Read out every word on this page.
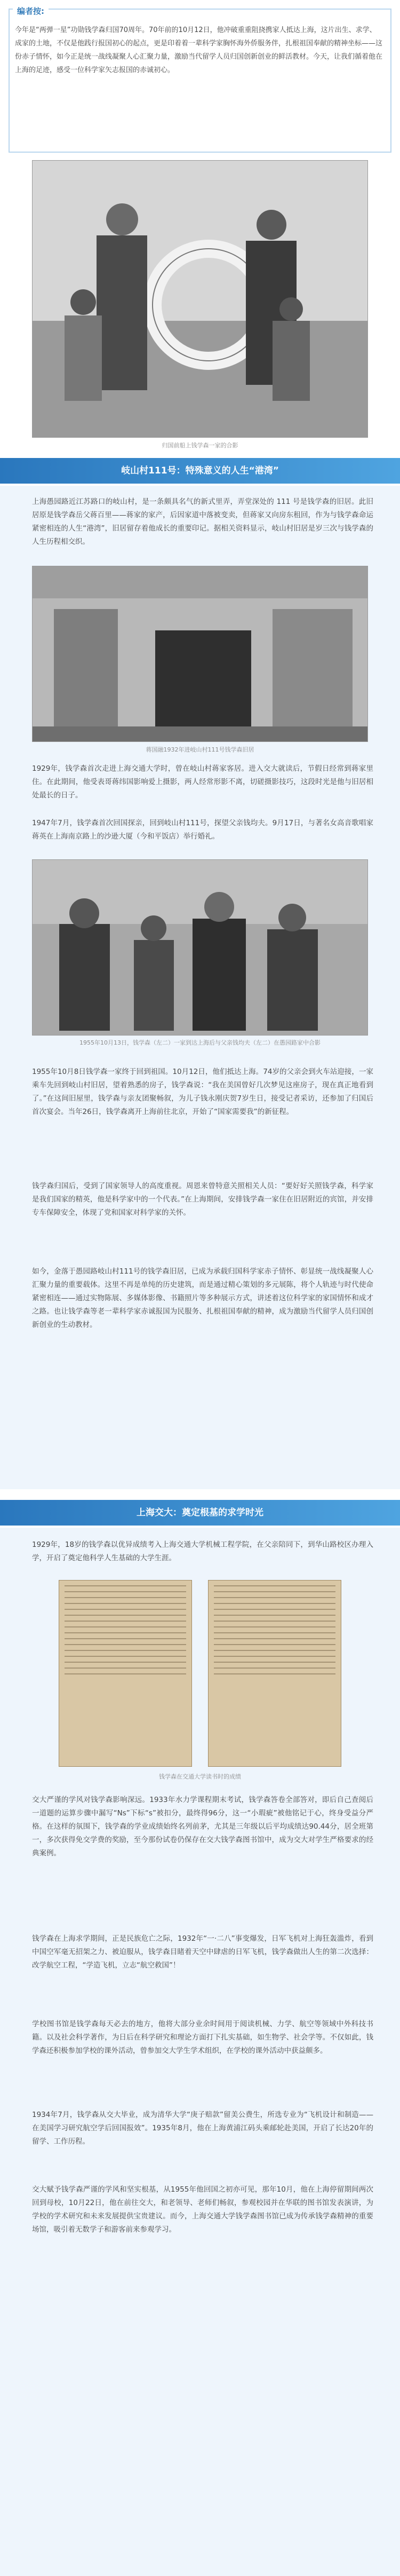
编者按:
今年是“两弹一星”功勋钱学森归国70周年。70年前的10月12日，他冲破重重阻挠携家人抵达上海，这片出生、求学、成家的土地，不仅是他践行报国初心的起点，更是印着着一辈科学家胸怀海外侨服务伴，扎根祖国奉献的精神坐标——这份赤子情怀，如今正是统一战线凝聚人心汇聚力量，激励当代留学人员归国创新创业的鲜活教材。今天，让我们循着他在上海的足迹，感受一位科学家矢志报国的赤诚初心。
归国前船上钱学森一家的合影
岐山村111号：特殊意义的人生“港湾”
上海愚园路近江苏路口的岐山村，是一条颇具名气的新式里弄，弄堂深处的 111 号是钱学森的旧居。此旧居原是钱学森岳父蒋百里——蒋家的家产，后因家道中落被变卖，但蒋家又向房东租回，作为与钱学森命运紧密相连的人生“港湾”，旧居留存着他成长的重要印记。据相关资料显示，岐山村旧居是岁三次与钱学森的人生历程相交织。
蒋国融1932年进岐山村111号钱学森旧居
1929年，钱学森首次走进上海交通大学时，曾在岐山村蒋家客居。进入交大就读后，节假日经常到蒋家里住。在此期间，他受表哥蒋纬国影响爱上摄影，两人经常形影不离，切磋摄影技巧，这段时光是他与旧居相处最长的日子。
1947年7月，钱学森首次回国探亲，回到岐山村111号，探望父亲钱均夫。9月17日，与著名女高音歌唱家蒋英在上海南京路上的沙逊大厦（今和平饭店）举行婚礼。
1955年10月13日，钱学森（左二）一家到达上海后与父亲钱均夫（左二）在愚园路家中合影
1955年10月8日钱学森一家终于回到祖国。10月12日，他们抵达上海。74岁的父亲会到火车站迎接，一家乘车先回到岐山村旧居，望着熟悉的房子，钱学森说：“我在美国曾好几次梦见这座房子，现在真正地看到了。”在这间旧屋里，钱学森与亲友团聚畅叙，为儿子钱永刚庆贺7岁生日，接受记者采访，还参加了归国后首次宴会。当年26日，钱学森离开上海前往北京，开始了“国家需要我”的新征程。
钱学森归国后，受到了国家领导人的高度重视。周恩来曾特意关照相关人员：“要好好关照钱学森，科学家是我们国家的精英，他是科学家中的一个代表。”在上海期间，安排钱学森一家住在旧居附近的宾馆，并安排专车保障安全，体现了党和国家对科学家的关怀。
如今，金落于愚园路岐山村111号的钱学森旧居，已成为承载归国科学家赤子情怀、彰显统一战线凝聚人心汇聚力量的重要载体。这里不再是单纯的历史建筑，而是通过精心策划的多元展陈，将个人轨迹与时代使命紧密相连——通过实物陈展、多媒体影像、书籍照片等多种展示方式，讲述着这位科学家的家国情怀和成才之路。也让钱学森等老一辈科学家赤诚报国为民服务、扎根祖国奉献的精神，成为激励当代留学人员归国创新创业的生动教材。
上海交大：奠定根基的求学时光
1929年，18岁的钱学森以优异成绩考入上海交通大学机械工程学院，在父亲陪同下，到华山路校区办理入学，开启了奠定他科学人生基础的大学生涯。
钱学森在交通大学读书时的成绩
交大严谨的学风对钱学森影响深远。1933年水力学课程期末考试，钱学森答卷全部答对，即后自己查阅后一道题的运算步骤中漏写“Ns”下标“s”被扣分，最终得96分，这一“小瑕疵”被他铭记于心，终身受益分严格。在这样的氛围下，钱学森的学业成绩始终名列前茅，尤其是三年级以后平均成绩达90.44分，居全班第一，多次获得免交学费的奖励，至今那份试卷仍保存在交大钱学森图书馆中，成为交大对学生严格要求的经典案例。
钱学森在上海求学期间，正是民族危亡之际，1932年“一·二八”事变爆发，日军飞机对上海狂轰滥炸，看到中国空军毫无招架之力、被迫服从，钱学森目睹着天空中肆虐的日军飞机，钱学森做出人生的第二次选择：改学航空工程，“学造飞机，立志“航空救国”！
学校图书馆是钱学森每天必去的地方，他将大部分业余时间用于阅读机械、力学、航空等领域中外科技书籍。以及社会科学著作，为日后在科学研究和理论方面打下扎实基础，如生物学、社会学等。不仅如此，钱学森还积极参加学校的课外活动，曾参加交大学生学术组织，在学校的课外活动中获益颇多。
1934年7月，钱学森从交大毕业，成为清华大学“庚子赔款”留美公费生，所选专业为“飞机设计和制造——在美国学习研究航空学后回国报效”。1935年8月，他在上海黄浦江码头乘邮轮赴美国，开启了长达20年的留学、工作历程。
交大赋予钱学森严谨的学风和坚实根基，从1955年他回国之初亦可见，那年10月，他在上海停留期间两次回到母校，10月22日，他在前往交大，和老领导、老师们畅叙，参观校园并在华联的图书馆发表演讲，为学校的学术研究和未来发展提供宝贵建议。而今，上海交通大学钱学森图书馆已成为传承钱学森精神的重要场馆，吸引着无数学子和游客前来参观学习。
